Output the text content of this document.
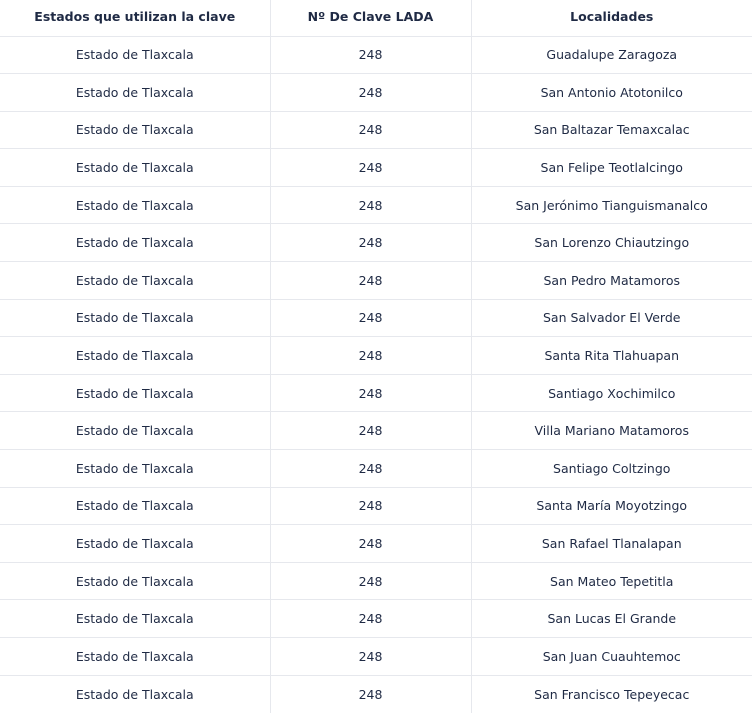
Estados que utilizan la clave	Nº De Clave LADA	Localidades
Estado de Tlaxcala	248	Guadalupe Zaragoza
Estado de Tlaxcala	248	San Antonio Atotonilco
Estado de Tlaxcala	248	San Baltazar Temaxcalac
Estado de Tlaxcala	248	San Felipe Teotlalcingo
Estado de Tlaxcala	248	San Jerónimo Tianguismanalco
Estado de Tlaxcala	248	San Lorenzo Chiautzingo
Estado de Tlaxcala	248	San Pedro Matamoros
Estado de Tlaxcala	248	San Salvador El Verde
Estado de Tlaxcala	248	Santa Rita Tlahuapan
Estado de Tlaxcala	248	Santiago Xochimilco
Estado de Tlaxcala	248	Villa Mariano Matamoros
Estado de Tlaxcala	248	Santiago Coltzingo
Estado de Tlaxcala	248	Santa María Moyotzingo
Estado de Tlaxcala	248	San Rafael Tlanalapan
Estado de Tlaxcala	248	San Mateo Tepetitla
Estado de Tlaxcala	248	San Lucas El Grande
Estado de Tlaxcala	248	San Juan Cuauhtemoc
Estado de Tlaxcala	248	San Francisco Tepeyecac
